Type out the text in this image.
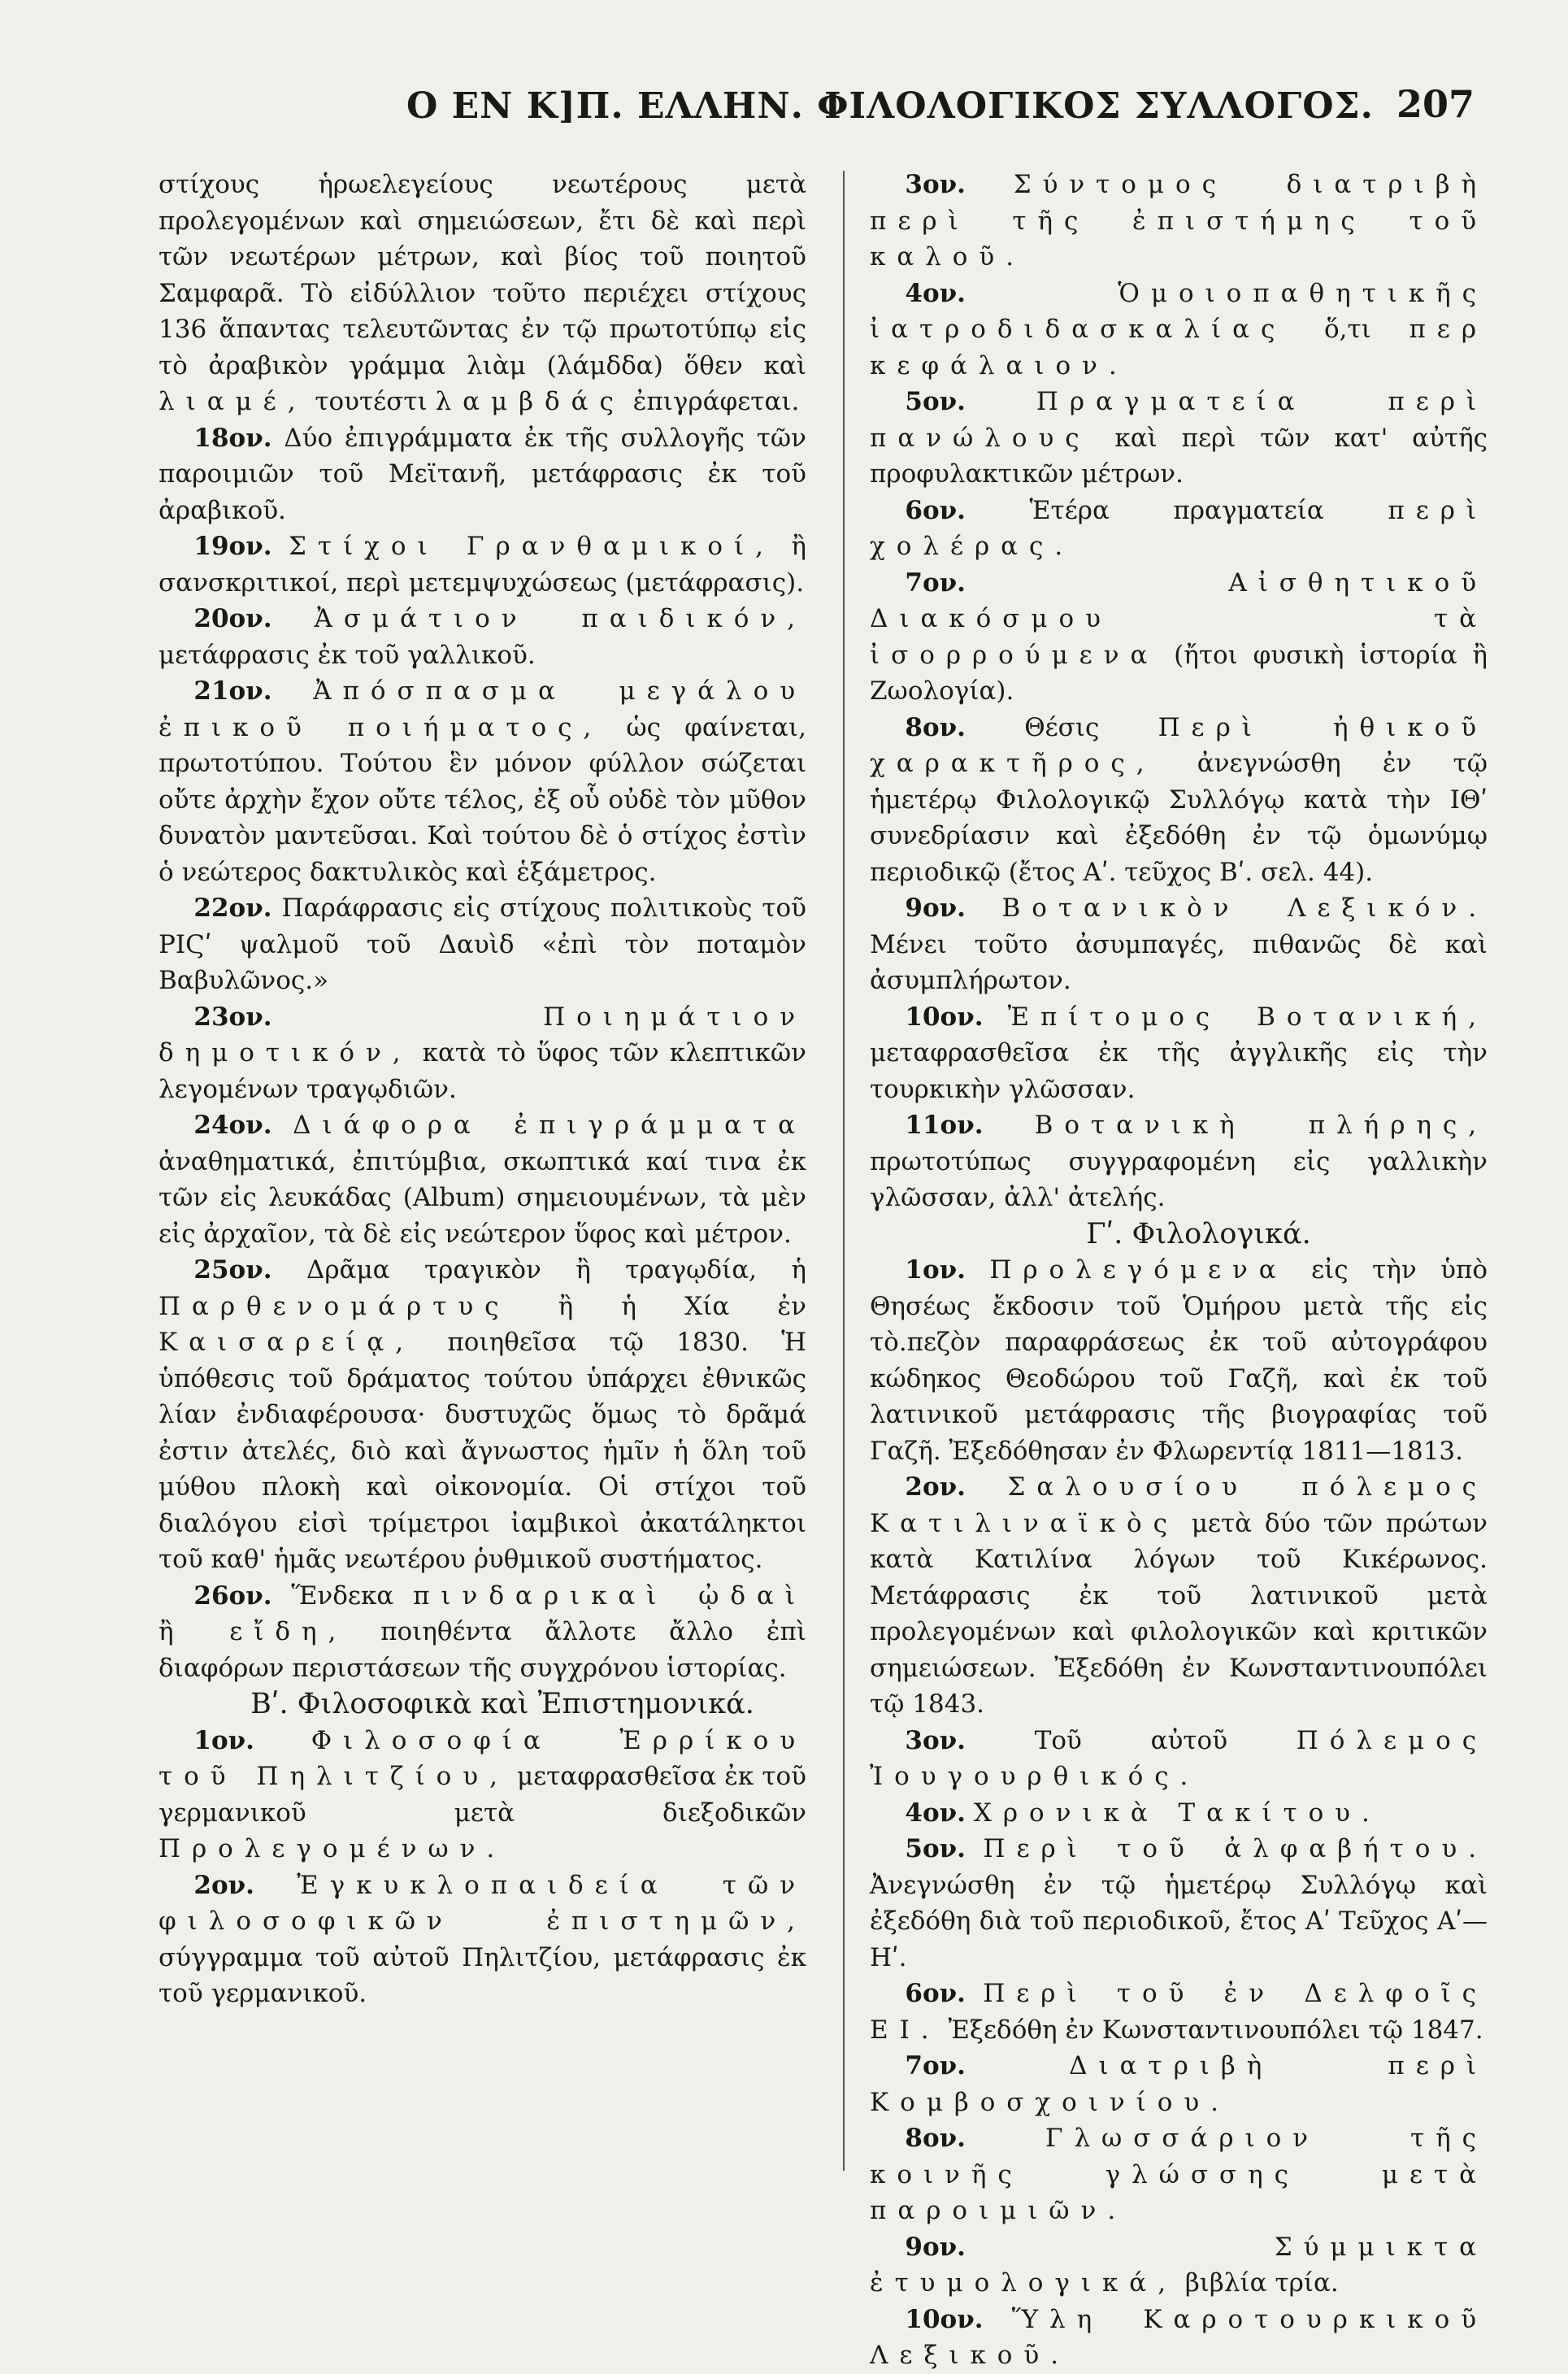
Ο ΕΝ Κ]Π. ΕΛΛΗΝ. ΦΙΛΟΛΟΓΙΚΟΣ ΣΥΛΛΟΓΟΣ. 207

στίχους ἡρωελεγείους νεωτέρους μετὰ προλεγομένων καὶ σημειώσεων, ἔτι δὲ καὶ περὶ τῶν νεωτέρων μέτρων, καὶ βίος τοῦ ποιητοῦ Σαμφαρᾶ. Τὸ εἰδύλλιον τοῦτο περιέχει στίχους 136 ἅπαντας τελευτῶντας ἐν τῷ πρωτοτύπῳ εἰς τὸ ἀραβικὸν γράμμα λιὰμ (λάμδδα) ὅθεν καὶ λιαμέ, τουτέστι λαμβδάς ἐπιγράφεται.

18ον. Δύο ἐπιγράμματα ἐκ τῆς συλλογῆς τῶν παροιμιῶν τοῦ Μεϊτανῆ, μετάφρασις ἐκ τοῦ ἀραβικοῦ.

19ον. Στίχοι Γρανθαμικοί, ἢ σανσκριτικοί, περὶ μετεμψυχώσεως (μετάφρασις).

20ον. Ἀσμάτιον παιδικόν, μετάφρασις ἐκ τοῦ γαλλικοῦ.

21ον. Ἀπόσπασμα μεγάλου ἐπικοῦ ποιήματος, ὡς φαίνεται, πρωτοτύπου. Τούτου ἓν μόνον φύλλον σώζεται οὔτε ἀρχὴν ἔχον οὔτε τέλος, ἐξ οὗ οὐδὲ τὸν μῦθον δυνατὸν μαντεῦσαι. Καὶ τούτου δὲ ὁ στίχος ἐστὶν ὁ νεώτερος δακτυλικὸς καὶ ἑξάμετρος.

22ον. Παράφρασις εἰς στίχους πολιτικοὺς τοῦ ΡΙϚʹ ψαλμοῦ τοῦ Δαυὶδ «ἐπὶ τὸν ποταμὸν Βαβυλῶνος.»

23ον.	Ποιημάτιον δημοτικόν, κατὰ τὸ ὕφος τῶν κλεπτικῶν λεγομένων τραγῳδιῶν.

24ον. Διάφορα ἐπιγράμματα ἀναθηματικά, ἐπιτύμβια, σκωπτικά καί τινα ἐκ τῶν εἰς λευκάδας (Album) σημειουμένων, τὰ μὲν εἰς ἀρχαῖον, τὰ δὲ εἰς νεώτερον ὕφος καὶ μέτρον.

25ον. Δρᾶμα τραγικὸν ἢ τραγῳδία, ἡ Παρθενομάρτυς ἢ ἡ Χία ἐν Καισαρείᾳ, ποιηθεῖσα τῷ 1830. Ἡ ὑπόθεσις τοῦ δράματος τούτου ὑπάρχει ἐθνικῶς λίαν ἐνδιαφέρουσα· δυστυχῶς ὅμως τὸ δρᾶμά ἐστιν ἀτελές, διὸ καὶ ἄγνωστος ἡμῖν ἡ ὅλη τοῦ μύθου πλοκὴ καὶ οἰκονομία. Οἱ στίχοι τοῦ διαλόγου εἰσὶ τρίμετροι ἰαμβικοὶ ἀκατάληκτοι τοῦ καθ' ἡμᾶς νεωτέρου ῥυθμικοῦ συστήματος.

26ον. Ἕνδεκα πινδαρικαὶ ᾠδαὶ ἢ εἴδη, ποιηθέντα ἄλλοτε ἄλλο ἐπὶ διαφόρων περιστάσεων τῆς συγχρόνου ἱστορίας.

Βʹ. Φιλοσοφικὰ καὶ Ἐπιστημονικά.

1ον. Φιλοσοφία Ἐρρίκου τοῦ Πηλιτζίου, μεταφρασθεῖσα ἐκ τοῦ γερμανικοῦ μετὰ διεξοδικῶν Προλεγομένων.

2ον. Ἐγκυκλοπαιδεία τῶν φιλοσοφικῶν ἐπιστημῶν, σύγγραμμα τοῦ αὐτοῦ Πηλιτζίου, μετάφρασις ἐκ τοῦ γερμανικοῦ.

3ον. Σύντομος διατριβὴ περὶ τῆς ἐπιστήμης τοῦ καλοῦ.

4ον.	Ὁμοιοπαθητικῆς ἰατροδιδασκαλίας ὅ,τι περ κεφάλαιον.

5ον.	Πραγματεία περὶ πανώλους καὶ περὶ τῶν κατ' αὐτῆς προφυλακτικῶν μέτρων.

6ον.	Ἑτέρα πραγματεία	περὶ χολέρας.

7ον.	Αἰσθητικοῦ Διακόσμου τὰ ἰσορρούμενα (ἤτοι φυσικὴ ἱστορία ἢ Ζωολογία).

8ον. Θέσις Περὶ ἠθικοῦ χαρακτῆρος, ἀνεγνώσθη ἐν τῷ ἡμετέρῳ Φιλολογικῷ Συλλόγῳ κατὰ τὴν ΙΘʹ συνεδρίασιν καὶ ἐξεδόθη ἐν τῷ ὁμωνύμῳ περιοδικῷ (ἔτος Αʹ. τεῦχος Βʹ. σελ. 44).

9ον. Βοτανικὸν Λεξικόν. Μένει τοῦτο ἀσυμπαγές, πιθανῶς δὲ καὶ ἀσυμπλήρωτον.

10ον. Ἐπίτομος Βοτανική, μεταφρασθεῖσα ἐκ τῆς ἀγγλικῆς εἰς τὴν τουρκικὴν γλῶσσαν.

11ον. Βοτανικὴ πλήρης, πρωτοτύπως συγγραφομένη εἰς γαλλικὴν γλῶσσαν, ἀλλ' ἀτελής.

Γʹ. Φιλολογικά.

1ον. Προλεγόμενα εἰς τὴν ὑπὸ Θησέως ἔκδοσιν τοῦ Ὁμήρου μετὰ τῆς εἰς τὸ.πεζὸν παραφράσεως ἐκ τοῦ αὐτογράφου κώδηκος Θεοδώρου τοῦ Γαζῆ, καὶ ἐκ τοῦ λατινικοῦ μετάφρασις τῆς βιογραφίας τοῦ Γαζῆ. Ἐξεδόθησαν ἐν Φλωρεντίᾳ 1811—1813.

2ον. Σαλουσίου πόλεμος Κατιλιναϊκὸς μετὰ δύο τῶν πρώτων κατὰ Κατιλίνα λόγων τοῦ Κικέρωνος. Μετάφρασις ἐκ τοῦ λατινικοῦ μετὰ προλεγομένων καὶ φιλολογικῶν καὶ κριτικῶν σημειώσεων. Ἐξεδόθη ἐν Κωνσταντινουπόλει τῷ 1843.

3ον.	Τοῦ αὐτοῦ	Πόλεμος Ἰουγουρθικός.

4ον. Χρονικὰ Τακίτου.

5ον. Περὶ τοῦ ἀλφαβήτου. Ἀνεγνώσθη ἐν τῷ ἡμετέρῳ Συλλόγῳ καὶ ἐξεδόθη διὰ τοῦ περιοδικοῦ, ἔτος Αʹ Τεῦχος Αʹ—Ηʹ.

6ον. Περὶ τοῦ ἐν Δελφοῖς ΕΙ. Ἐξεδόθη ἐν Κωνσταντινουπόλει τῷ 1847.

7ον.	Διατριβὴ περὶ Κομβοσχοινίου.

8ον.	Γλωσσάριον τῆς κοινῆς γλώσσης μετὰ παροιμιῶν.

9ον.	Σύμμικτα ἐτυμολογικά, βιβλία τρία.

10ον. Ὕλη Καροτουρκικοῦ Λεξικοῦ.
